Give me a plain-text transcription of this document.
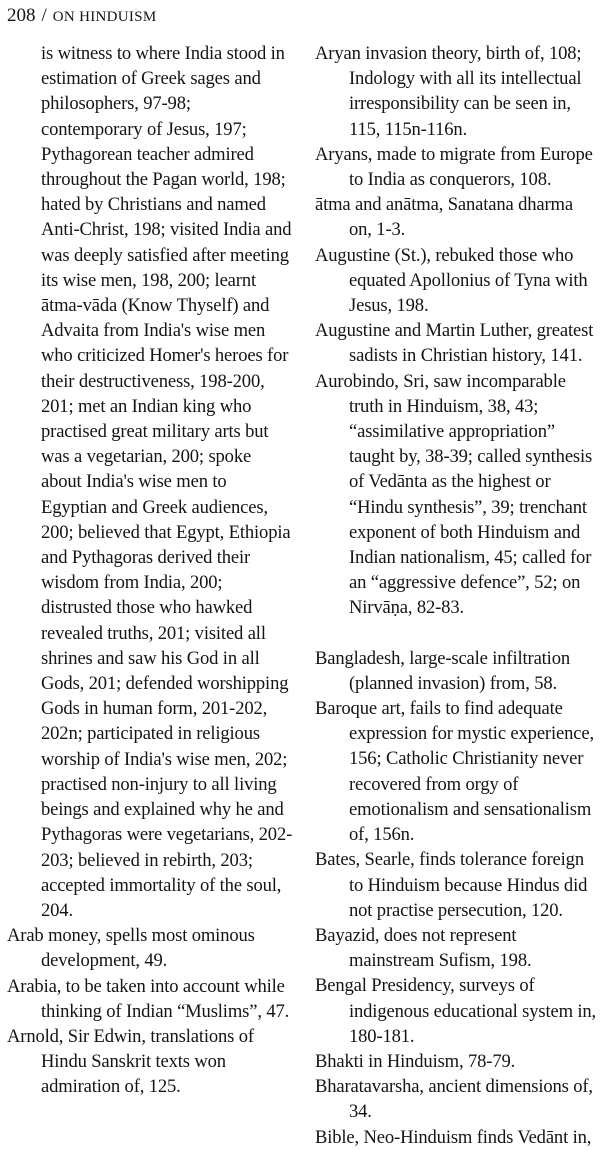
208 / ON HINDUISM

is witness to where India stood in estimation of Greek sages and philosophers, 97-98; contemporary of Jesus, 197; Pythagorean teacher admired throughout the Pagan world, 198; hated by Christians and named Anti-Christ, 198; visited India and was deeply satisfied after meeting its wise men, 198, 200; learnt ātma-vāda (Know Thyself) and Advaita from India's wise men who criticized Homer's heroes for their destructiveness, 198-200, 201; met an Indian king who practised great military arts but was a vegetarian, 200; spoke about India's wise men to Egyptian and Greek audiences, 200; believed that Egypt, Ethiopia and Pythagoras derived their wisdom from India, 200; distrusted those who hawked revealed truths, 201; visited all shrines and saw his God in all Gods, 201; defended worshipping Gods in human form, 201-202, 202n; participated in religious worship of India's wise men, 202; practised non-injury to all living beings and explained why he and Pythagoras were vegetarians, 202-203; believed in rebirth, 203; accepted immortality of the soul, 204.

Arab money, spells most ominous development, 49.

Arabia, to be taken into account while thinking of Indian “Muslims”, 47.

Arnold, Sir Edwin, translations of Hindu Sanskrit texts won admiration of, 125.

Aryan invasion theory, birth of, 108; Indology with all its intellectual irresponsibility can be seen in, 115, 115n-116n.

Aryans, made to migrate from Europe to India as conquerors, 108.

ātma and anātma, Sanatana dharma on, 1-3.

Augustine (St.), rebuked those who equated Apollonius of Tyna with Jesus, 198.

Augustine and Martin Luther, greatest sadists in Christian history, 141.

Aurobindo, Sri, saw incomparable truth in Hinduism, 38, 43; “assimilative appropriation” taught by, 38-39; called synthesis of Vedānta as the highest or “Hindu synthesis”, 39; trenchant exponent of both Hinduism and Indian nationalism, 45; called for an “aggressive defence”, 52; on Nirvāṇa, 82-83.

Bangladesh, large-scale infiltration (planned invasion) from, 58.

Baroque art, fails to find adequate expression for mystic experience, 156; Catholic Christianity never recovered from orgy of emotionalism and sensationalism of, 156n.

Bates, Searle, finds tolerance foreign to Hinduism because Hindus did not practise persecution, 120.

Bayazid, does not represent mainstream Sufism, 198.

Bengal Presidency, surveys of indigenous educational system in, 180-181.

Bhakti in Hinduism, 78-79.

Bharatavarsha, ancient dimensions of, 34.

Bible, Neo-Hinduism finds Vedānt in,
